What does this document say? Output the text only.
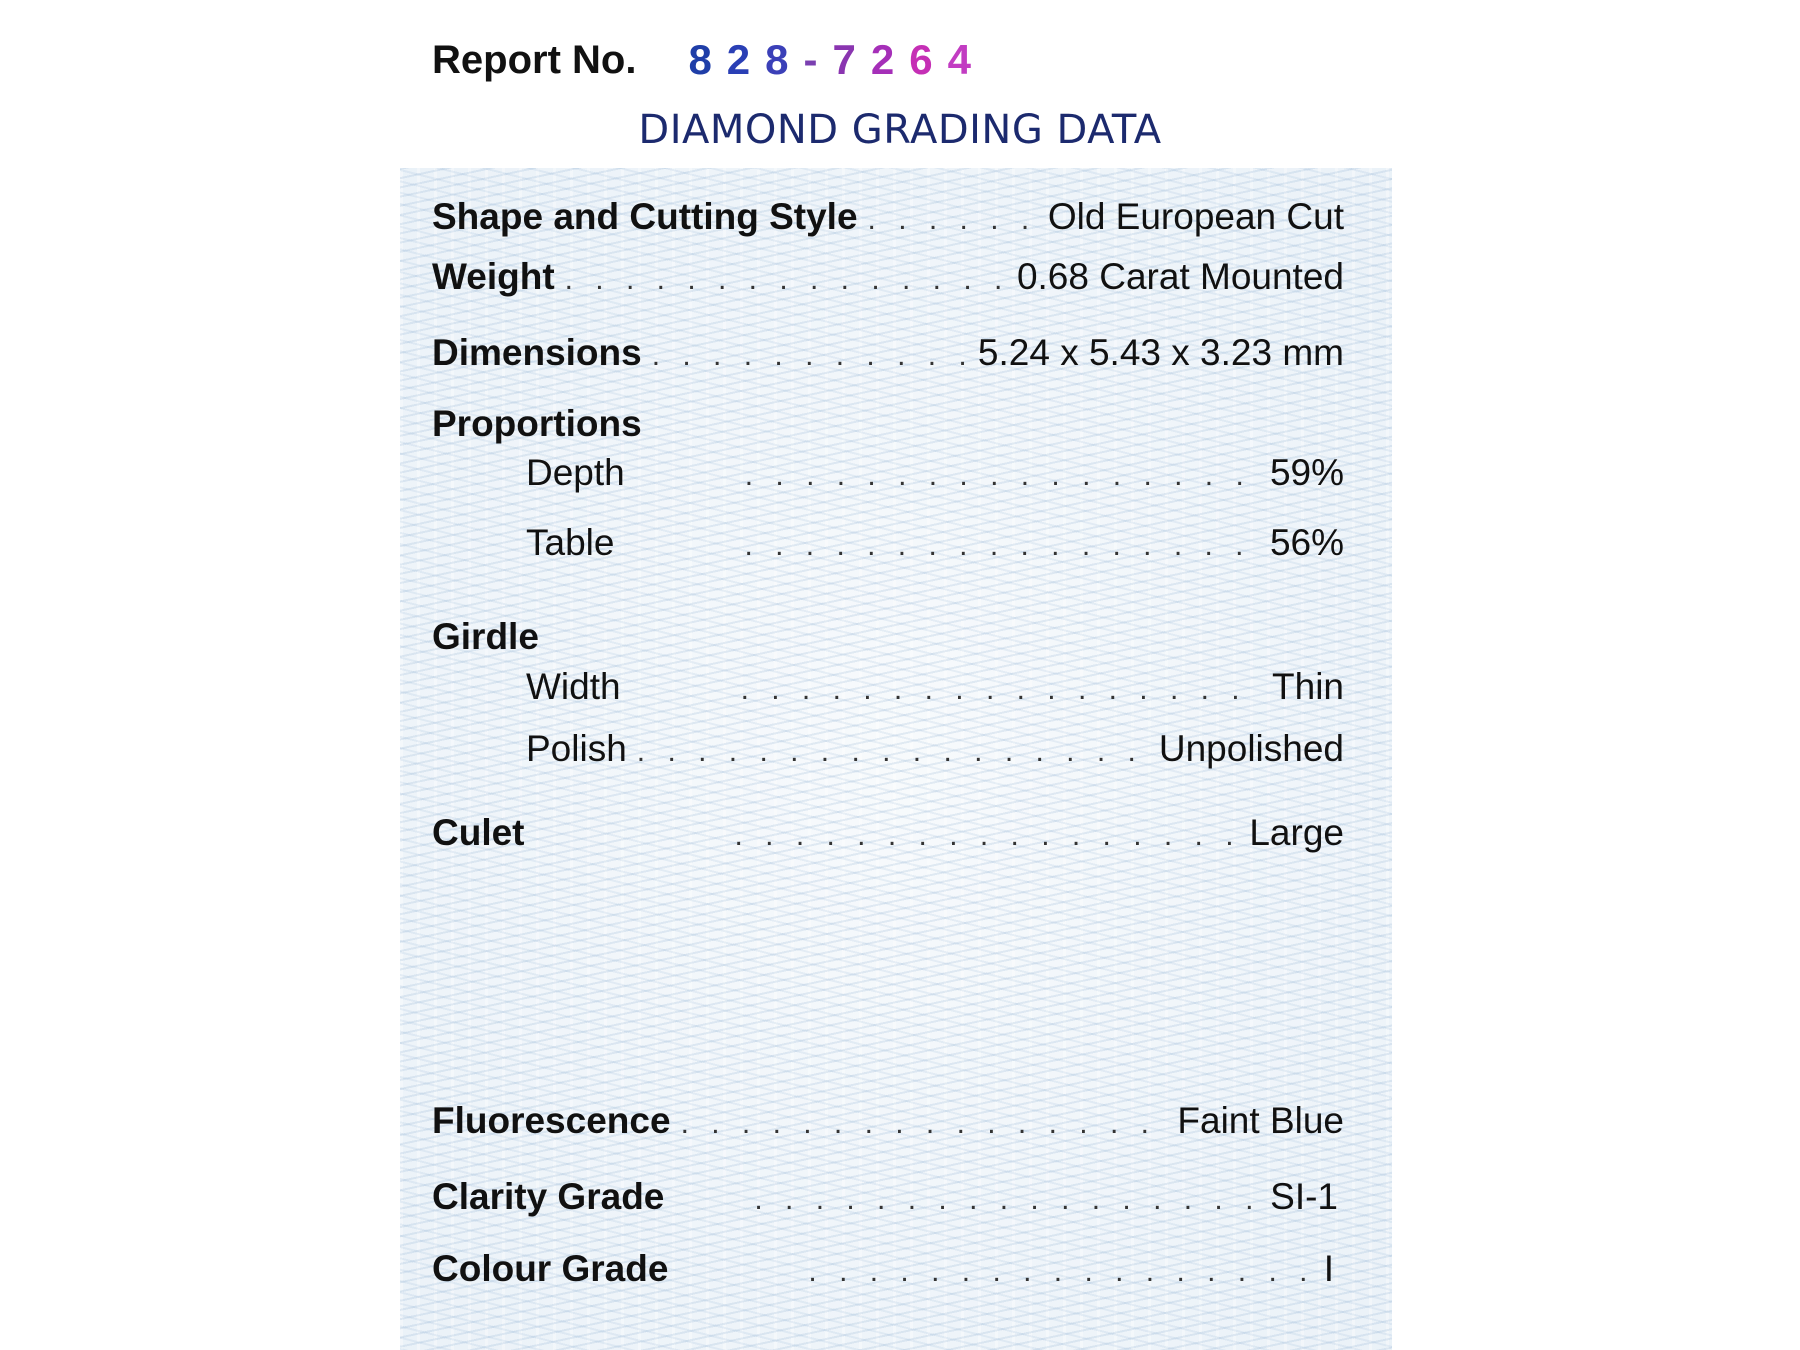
Report No. 8 2 8 - 7 2 6 4
DIAMOND GRADING DATA
Shape and Cutting Style . . .	Old European Cut
Weight . . .	0.68 Carat Mounted
Dimensions . . .	5.24 x 5.43 x 3.23 mm
Proportions
Depth . . .	59%
Table . . .	56%
Girdle
Width . . .	Thin
Polish . . .	Unpolished
Culet . . .	Large
Fluorescence . . .	Faint Blue
Clarity Grade . . .	SI-1
Colour Grade . . .	I
